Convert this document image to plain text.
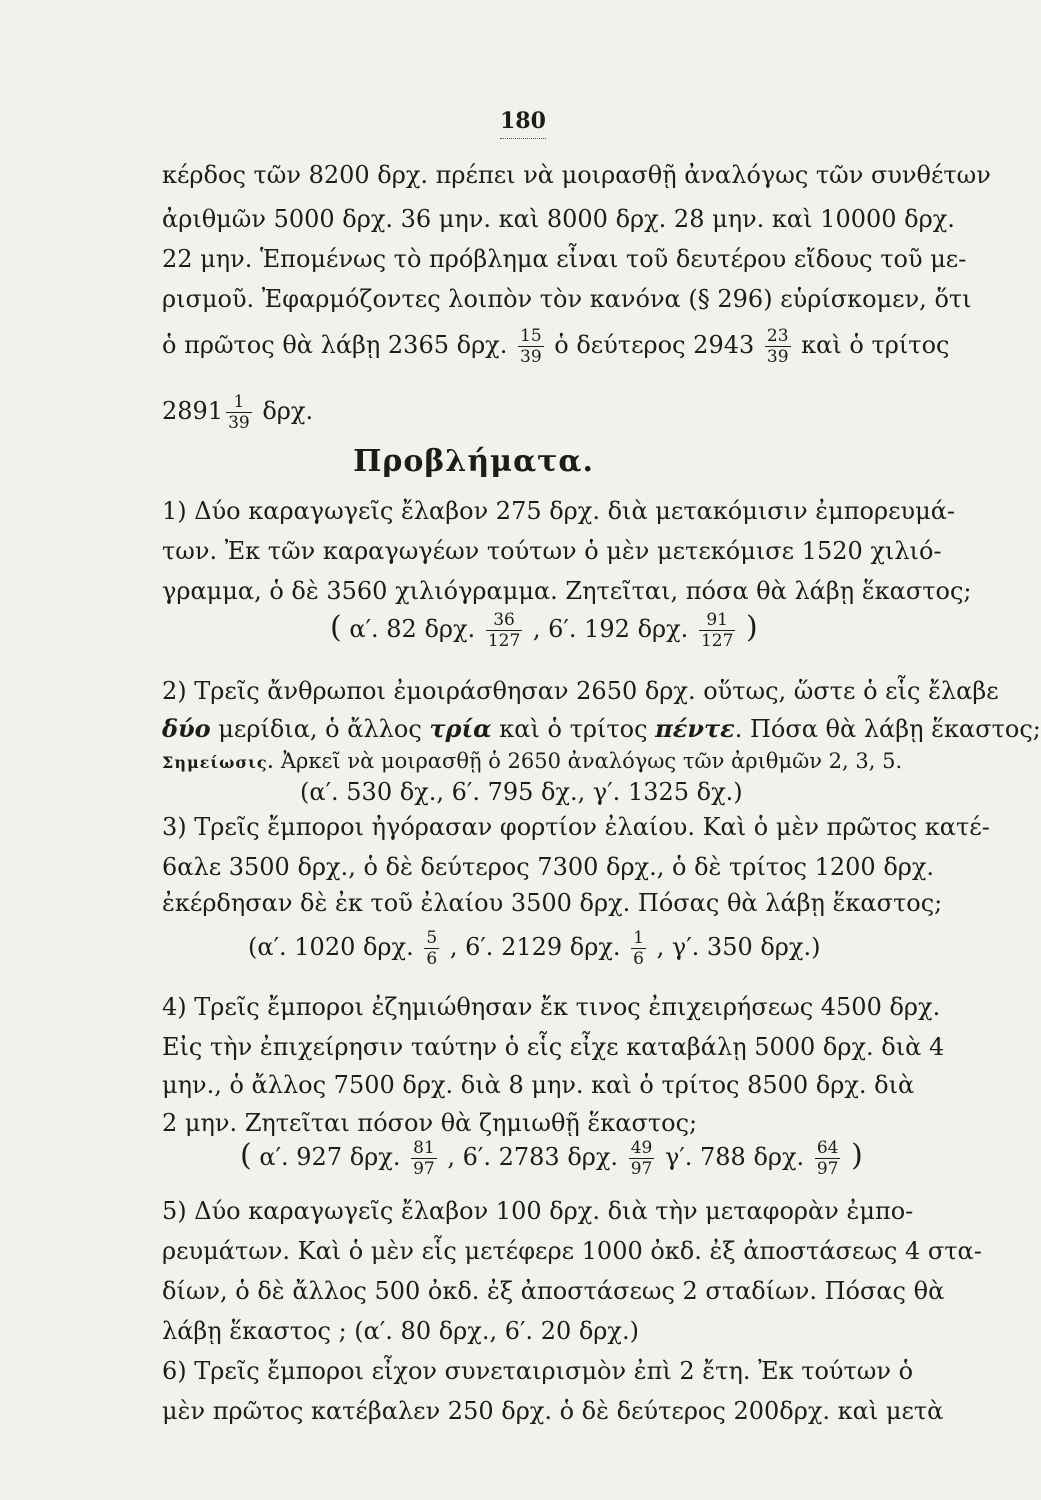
180
κέρδος τῶν 8200 δρχ. πρέπει νὰ μοιρασθῇ ἀναλόγως τῶν συνθέτων
ἀριθμῶν 5000 δρχ. 36 μην. καὶ 8000 δρχ. 28 μην. καὶ 10000 δρχ.
22 μην. Ἑπομένως τὸ πρόβλημα εἶναι τοῦ δευτέρου εἴδους τοῦ με-
ρισμοῦ. Ἐφαρμόζοντες λοιπὸν τὸν κανόνα (§ 296) εὑρίσκομεν, ὅτι
ὁ πρῶτος θὰ λάβῃ 2365 δρχ. $\frac{15}{39}$ ὁ δεύτερος $2943 \frac{23}{39}$ καὶ ὁ τρίτος
$2891 \frac{1}{39} \delta\rho\chi$.
Προβλήματα.
1) Δύο καραγωγεῖς ἔλαβον 275 δρχ. διὰ μετακόμισιν ἐμπορευμά-
των. Ἐκ τῶν καραγωγέων τούτων ὁ μὲν μετεκόμισε 1520 χιλιό-
γραμμα, ὁ δὲ 3560 χιλιόγραμμα. Ζητεῖται, πόσα θὰ λάβῃ ἕκαστος;
( α′. 82 δρχ. $\frac{36}{127}$ , 6′. 192 δρχ. $\frac{91}{127}$ )
2) Τρεῖς ἄνθρωποι ἐμοιράσθησαν 2650 δρχ. οὕτως, ὥστε ὁ εἷς ἔλαβε
δύο μερίδια, ὁ ἄλλος τρία καὶ ὁ τρίτος πέντε. Πόσα θὰ λάβῃ ἕκαστος;
Σημείωσις. Ἀρκεῖ νὰ μοιρασθῇ ὁ 2650 ἀναλόγως τῶν ἀριθμῶν 2, 3, 5.
(α′. 530 δχ., 6′. 795 δχ., γ′. 1325 δχ.)
3) Τρεῖς ἔμποροι ἠγόρασαν φορτίον ἐλαίου. Καὶ ὁ μὲν πρῶτος κατέ-
6αλε 3500 δρχ., ὁ δὲ δεύτερος 7300 δρχ., ὁ δὲ τρίτος 1200 δρχ.
ἐκέρδησαν δὲ ἐκ τοῦ ἐλαίου 3500 δρχ. Πόσας θὰ λάβῃ ἕκαστος;
(α′. 1020 δρχ. $\frac{5}{6}$ , 6′. 2129 δρχ. $\frac{1}{6}$ , γ′. 350 δρχ.)
4) Τρεῖς ἔμποροι ἐζημιώθησαν ἔκ τινος ἐπιχειρήσεως 4500 δρχ.
Εἰς τὴν ἐπιχείρησιν ταύτην ὁ εἷς εἶχε καταβάλῃ 5000 δρχ. διὰ 4
μην., ὁ ἄλλος 7500 δρχ. διὰ 8 μην. καὶ ὁ τρίτος 8500 δρχ. διὰ
2 μην. Ζητεῖται πόσον θὰ ζημιωθῇ ἕκαστος;
( α′. 927 δρχ. $\frac{81}{97}$ , 6′. 2783 δρχ. $\frac{49}{97} \gamma'$. 788 δρχ. $\frac{64}{97}$ )
5) Δύο καραγωγεῖς ἔλαβον 100 δρχ. διὰ τὴν μεταφορὰν ἐμπο-
ρευμάτων. Καὶ ὁ μὲν εἷς μετέφερε 1000 ὀκδ. ἐξ ἀποστάσεως 4 στα-
δίων, ὁ δὲ ἄλλος 500 ὀκδ. ἐξ ἀποστάσεως 2 σταδίων. Πόσας θὰ
λάβῃ ἕκαστος ; (α′. 80 δρχ., 6′. 20 δρχ.)
6) Τρεῖς ἔμποροι εἶχον συνεταιρισμὸν ἐπὶ 2 ἔτη. Ἐκ τούτων ὁ
μὲν πρῶτος κατέβαλεν 250 δρχ. ὁ δὲ δεύτερος 200δρχ. καὶ μετὰ
